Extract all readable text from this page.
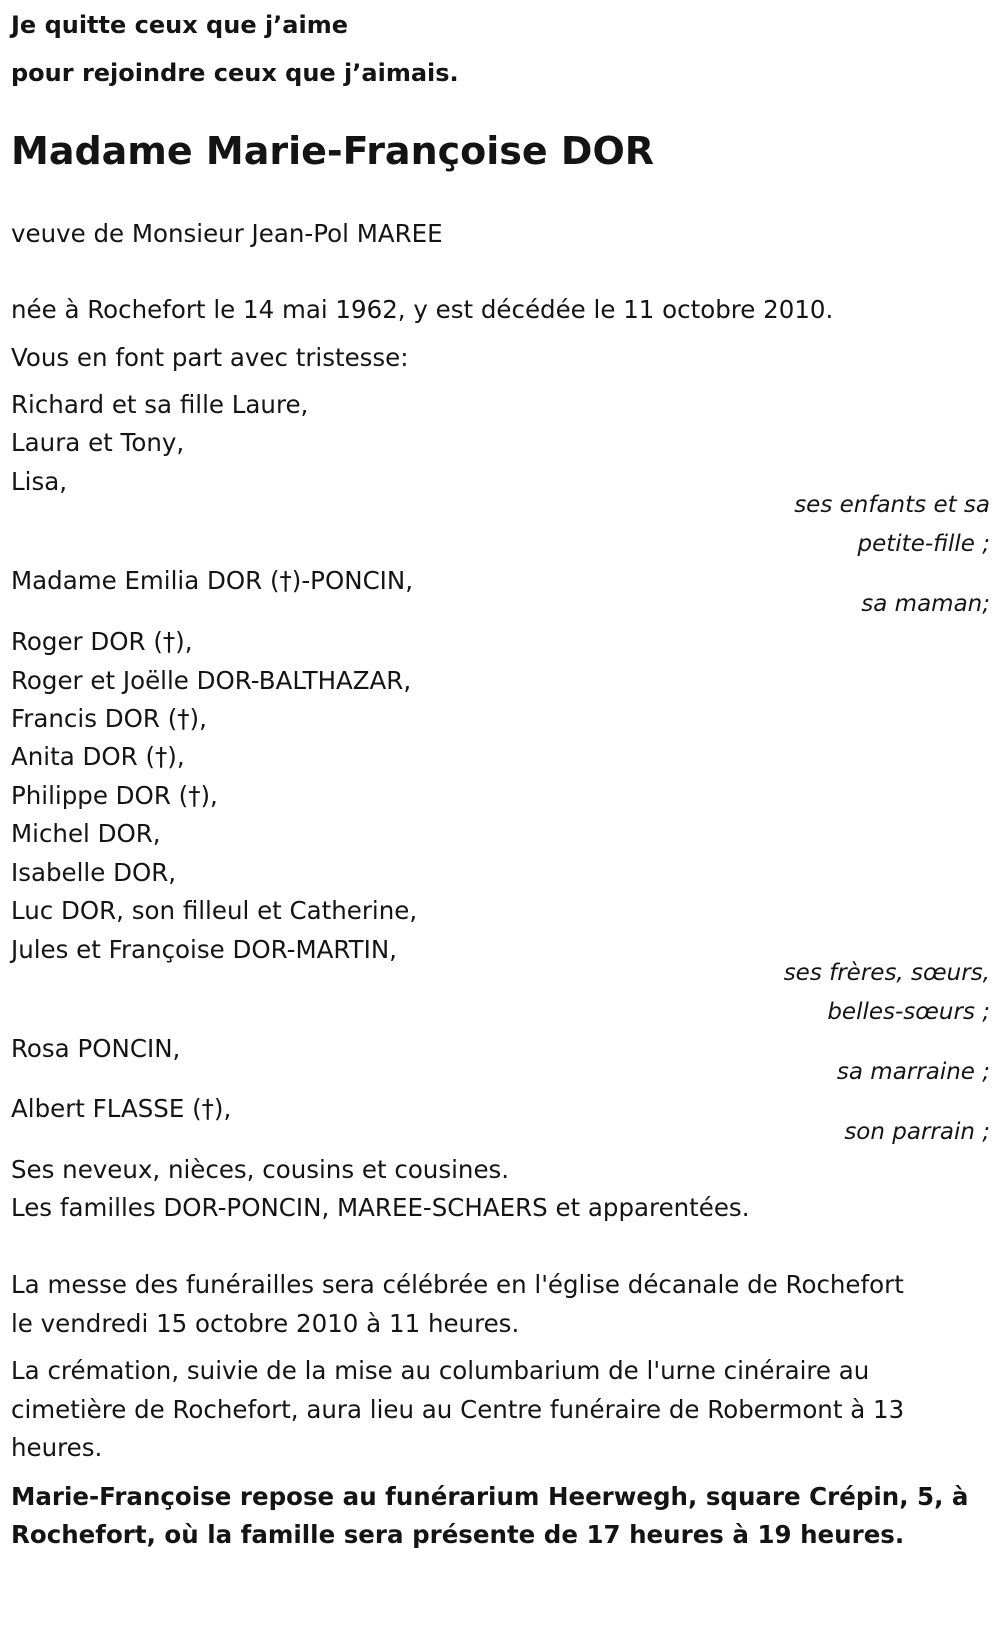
Je quitte ceux que j’aime
pour rejoindre ceux que j’aimais.
Madame Marie-Françoise DOR
veuve de Monsieur Jean-Pol MAREE
née à Rochefort le 14 mai 1962, y est décédée le 11 octobre 2010.
Vous en font part avec tristesse:
Richard et sa fille Laure,
Laura et Tony,
Lisa,
ses enfants et sa
petite-fille ;
Madame Emilia DOR (†)-PONCIN,
sa maman;
Roger DOR (†),
Roger et Joëlle DOR-BALTHAZAR,
Francis DOR (†),
Anita DOR (†),
Philippe DOR (†),
Michel DOR,
Isabelle DOR,
Luc DOR, son filleul et Catherine,
Jules et Françoise DOR-MARTIN,
ses frères, sœurs,
belles-sœurs ;
Rosa PONCIN,
sa marraine ;
Albert FLASSE (†),
son parrain ;
Ses neveux, nièces, cousins et cousines.
Les familles DOR-PONCIN, MAREE-SCHAERS et apparentées.
La messe des funérailles sera célébrée en l'église décanale de Rochefort
le vendredi 15 octobre 2010 à 11 heures.
La crémation, suivie de la mise au columbarium de l'urne cinéraire au
cimetière de Rochefort, aura lieu au Centre funéraire de Robermont à 13
heures.
Marie-Françoise repose au funérarium Heerwegh, square Crépin, 5, à
Rochefort, où la famille sera présente de 17 heures à 19 heures.
